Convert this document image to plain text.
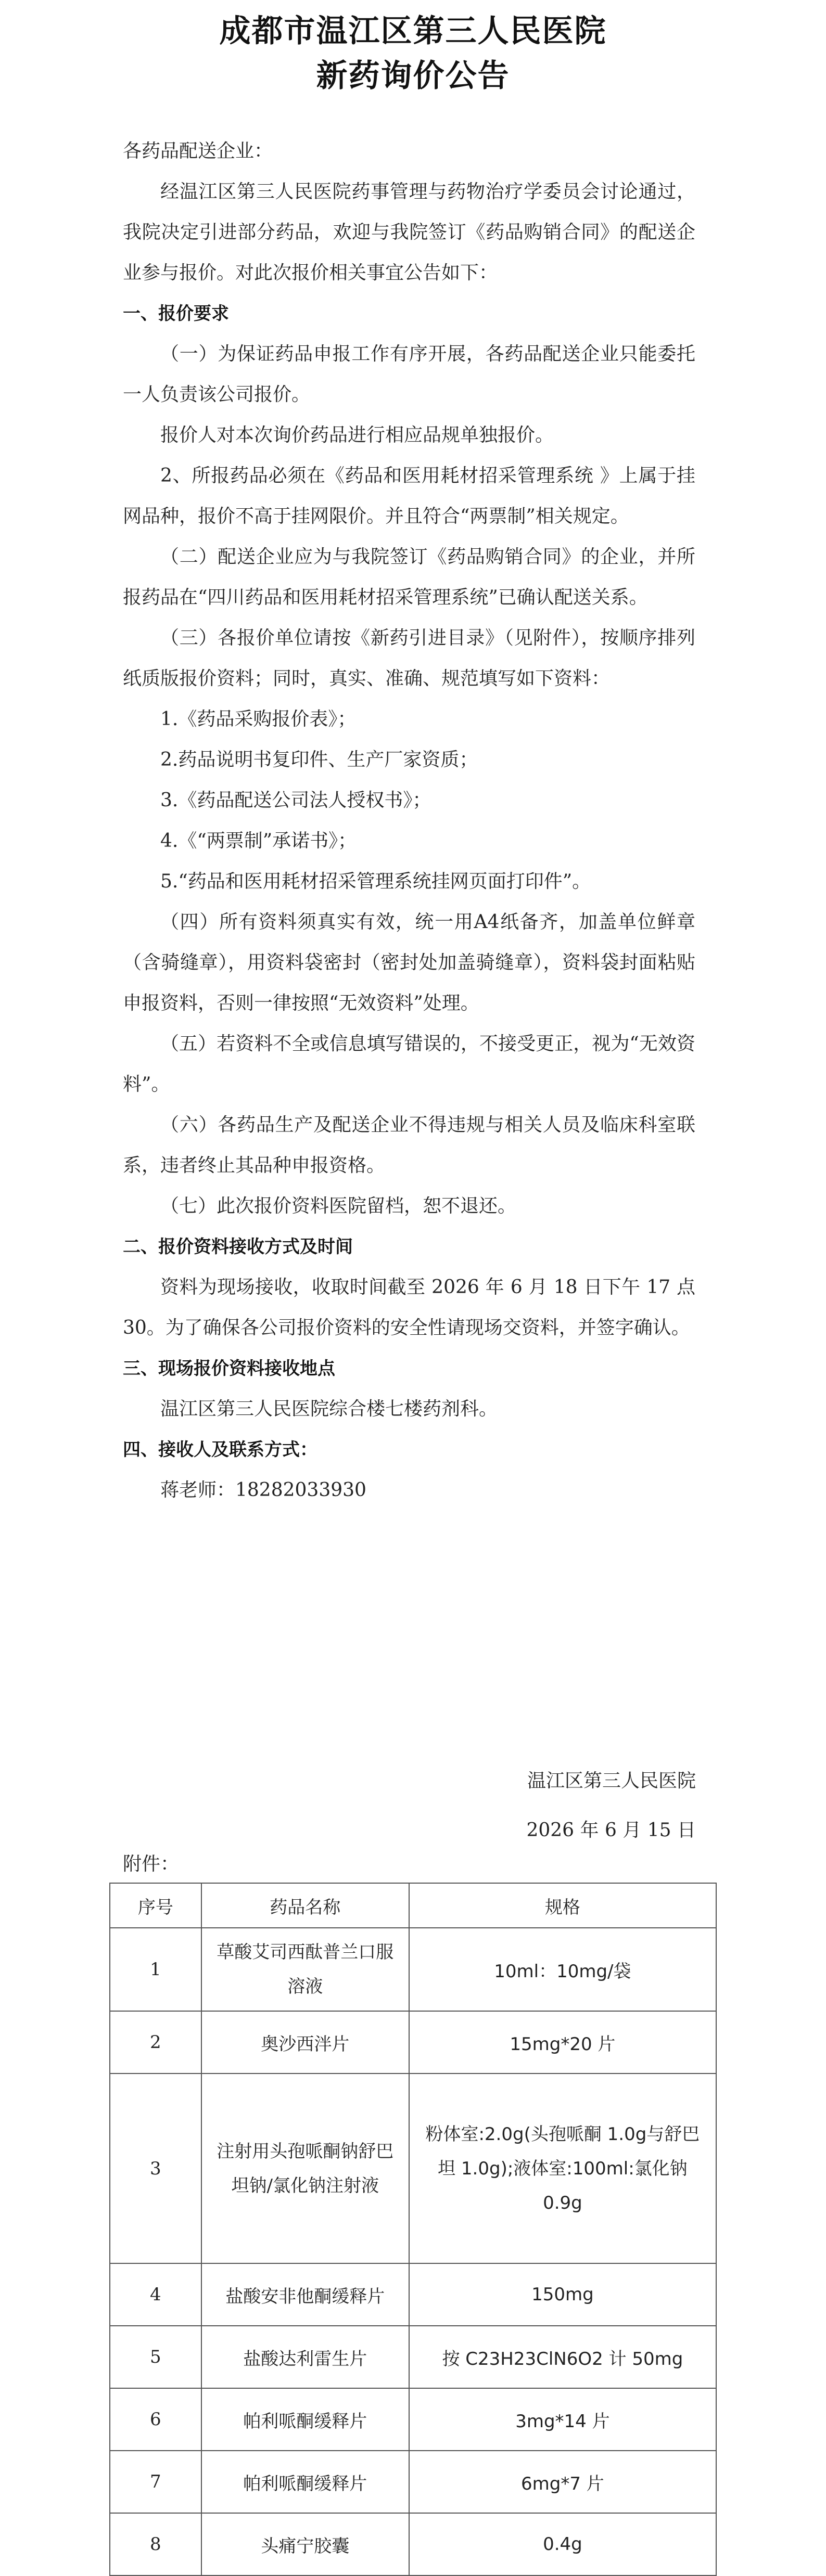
成都市温江区第三人民医院
新药询价公告

各药品配送企业：

经温江区第三人民医院药事管理与药物治疗学委员会讨论通过，我院决定引进部分药品，欢迎与我院签订《药品购销合同》的配送企业参与报价。对此次报价相关事宜公告如下：

一、报价要求

（一）为保证药品申报工作有序开展，各药品配送企业只能委托一人负责该公司报价。

报价人对本次询价药品进行相应品规单独报价。

2、所报药品必须在《药品和医用耗材招采管理系统 》上属于挂网品种，报价不高于挂网限价。并且符合“两票制”相关规定。

（二）配送企业应为与我院签订《药品购销合同》的企业，并所报药品在“四川药品和医用耗材招采管理系统”已确认配送关系。

（三）各报价单位请按《新药引进目录》（见附件），按顺序排列纸质版报价资料；同时，真实、准确、规范填写如下资料：

1.《药品采购报价表》；

2.药品说明书复印件、生产厂家资质；

3.《药品配送公司法人授权书》；

4.《“两票制”承诺书》；

5.“药品和医用耗材招采管理系统挂网页面打印件”。

（四）所有资料须真实有效，统一用A4纸备齐，加盖单位鲜章（含骑缝章），用资料袋密封（密封处加盖骑缝章），资料袋封面粘贴申报资料，否则一律按照“无效资料”处理。

（五）若资料不全或信息填写错误的，不接受更正，视为“无效资料”。

（六）各药品生产及配送企业不得违规与相关人员及临床科室联系，违者终止其品种申报资格。

（七）此次报价资料医院留档，恕不退还。

二、报价资料接收方式及时间

资料为现场接收，收取时间截至 2026 年 6 月 18 日下午 17 点 30。为了确保各公司报价资料的安全性请现场交资料，并签字确认。

三、现场报价资料接收地点

温江区第三人民医院综合楼七楼药剂科。

四、接收人及联系方式：

蒋老师：18282033930

温江区第三人民医院
2026 年 6 月 15 日
附件：
序号	药品名称	规格
1	草酸艾司西酞普兰口服溶液	10ml：10mg/袋
2	奥沙西泮片	15mg*20 片
3	注射用头孢哌酮钠舒巴坦钠/氯化钠注射液	粉体室:2.0g(头孢哌酮 1.0g与舒巴坦 1.0g);液体室:100ml:氯化钠 0.9g
4	盐酸安非他酮缓释片	150mg
5	盐酸达利雷生片	按 C23H23ClN6O2 计 50mg
6	帕利哌酮缓释片	3mg*14 片
7	帕利哌酮缓释片	6mg*7 片
8	头痛宁胶囊	0.4g
